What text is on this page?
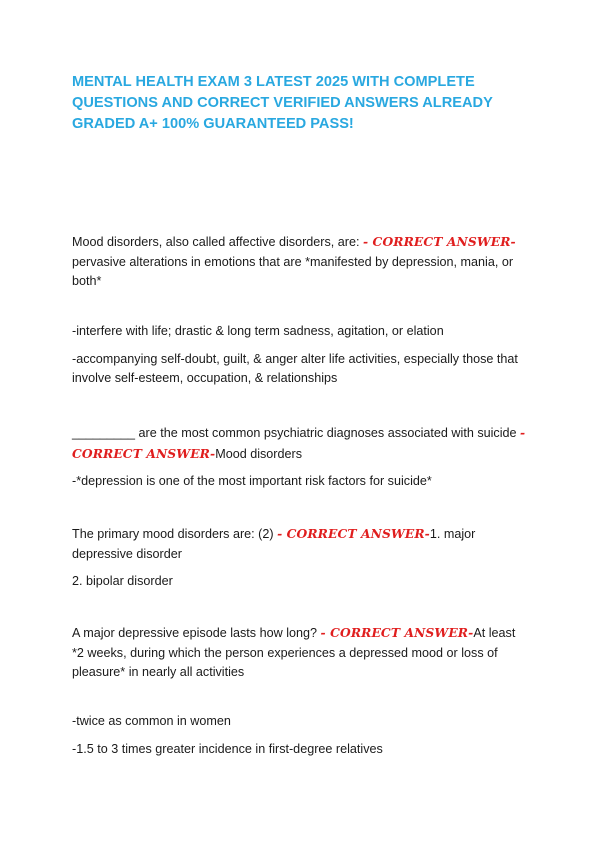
MENTAL HEALTH EXAM 3 LATEST 2025 WITH COMPLETE QUESTIONS AND CORRECT VERIFIED ANSWERS ALREADY GRADED A+ 100% GUARANTEED PASS!

Mood disorders, also called affective disorders, are: - CORRECT ANSWER-pervasive alterations in emotions that are *manifested by depression, mania, or both*

-interfere with life; drastic & long term sadness, agitation, or elation

-accompanying self-doubt, guilt, & anger alter life activities, especially those that involve self-esteem, occupation, & relationships

_________ are the most common psychiatric diagnoses associated with suicide - CORRECT ANSWER-Mood disorders

-*depression is one of the most important risk factors for suicide*

The primary mood disorders are: (2) - CORRECT ANSWER-1. major depressive disorder

2. bipolar disorder

A major depressive episode lasts how long? - CORRECT ANSWER-At least *2 weeks, during which the person experiences a depressed mood or loss of pleasure* in nearly all activities

-twice as common in women

-1.5 to 3 times greater incidence in first-degree relatives
